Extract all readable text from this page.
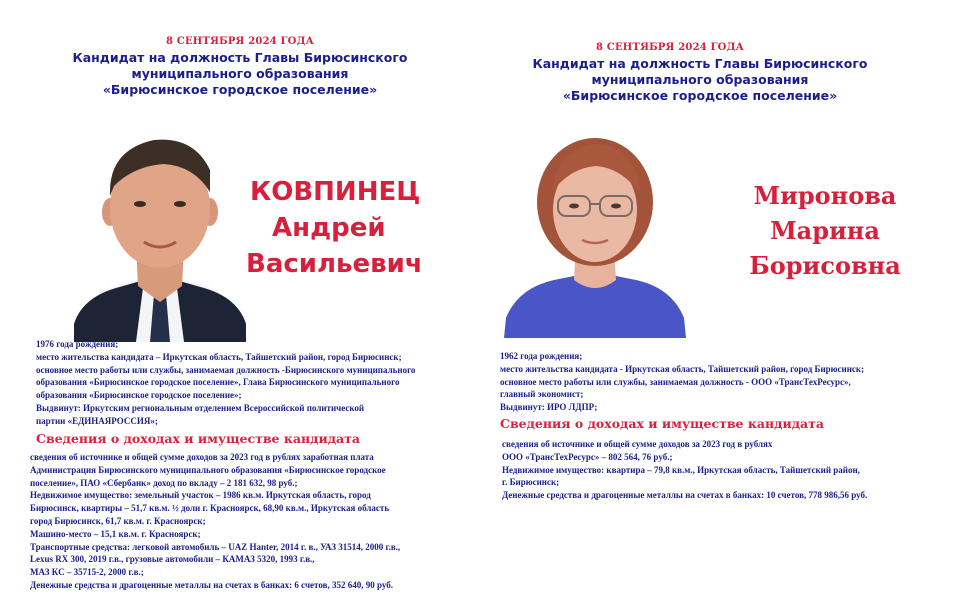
8 СЕНТЯБРЯ 2024 ГОДА
Кандидат на должность Главы Бирюсинского
муниципального образования
«Бирюсинское городское поселение»
КОВПИНЕЦ
Андрей
Васильевич
1976 года рождения;
место жительства кандидата – Иркутская область, Тайшетский район, город Бирюсинск;
основное место работы или службы, занимаемая должность -Бирюсинского муниципального
образования «Бирюсинское городское поселение», Глава Бирюсинского муниципального
образования «Бирюсинское городское поселение»;
Выдвинут: Иркутским региональным отделением Всероссийской политической
партии «ЕДИНАЯРОССИЯ»;
Сведения о доходах и имуществе кандидата
сведения об источнике и общей сумме доходов за 2023 год в рублях заработная плата
Администрация Бирюсинского муниципального образования «Бирюсинское городское
поселение», ПАО «Сбербанк» доход по вкладу – 2 181 632, 98 руб.;
Недвижимое имущество: земельный участок – 1986 кв.м. Иркутская область, город
Бирюсинск, квартиры – 51,7 кв.м. ½ доли г. Красноярск, 68,90 кв.м., Иркутская область
город Бирюсинск, 61,7 кв.м. г. Красноярск;
Машино-место – 15,1 кв.м. г. Красноярск;
Транспортные средства: легковой автомобиль – UAZ Hanter, 2014 г. в., УАЗ 31514, 2000 г.в.,
Lexus RX 300, 2019 г.в., грузовые автомобили – КАМАЗ 5320, 1993 г.в.,
МАЗ КС – 35715-2, 2000 г.в.;
Денежные средства и драгоценные металлы на счетах в банках: 6 счетов, 352 640, 90 руб.
8 СЕНТЯБРЯ 2024 ГОДА
Кандидат на должность Главы Бирюсинского
муниципального образования
«Бирюсинское городское поселение»
Миронова
Марина
Борисовна
1962 года рождения;
место жительства кандидата - Иркутская область, Тайшетский район, город Бирюсинск;
основное место работы или службы, занимаемая должность - ООО «ТрансТехРесурс»,
главный экономист;
Выдвинут: ИРО ЛДПР;
Сведения о доходах и имуществе кандидата
сведения об источнике и общей сумме доходов за 2023 год в рублях
ООО «ТрансТехРесурс» – 802 564, 76 руб.;
Недвижимое имущество: квартира – 79,8 кв.м., Иркутская область, Тайшетский район,
г. Бирюсинск;
Денежные средства и драгоценные металлы на счетах в банках: 10 счетов, 778 986,56 руб.
